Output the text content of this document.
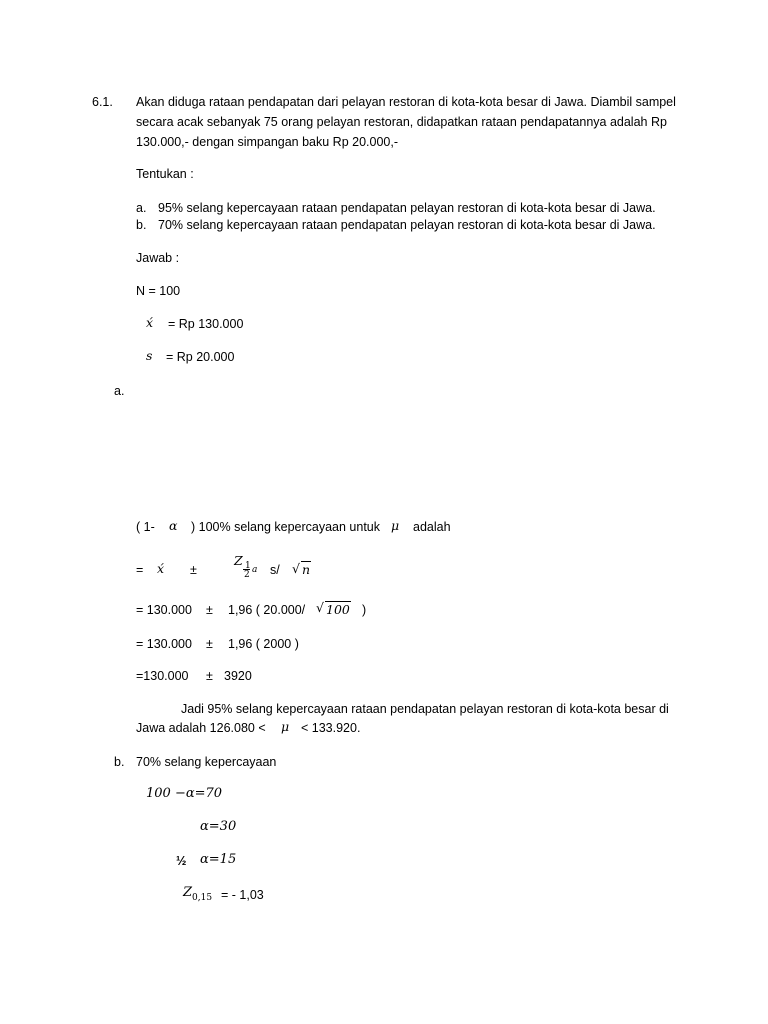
6.1. Akan diduga rataan pendapatan dari pelayan restoran di kota-kota besar di Jawa. Diambil sampel
secara acak sebanyak 75 orang pelayan restoran, didapatkan rataan pendapatannya adalah Rp
130.000,- dengan simpangan baku Rp 20.000,-
Tentukan :
a. 95% selang kepercayaan rataan pendapatan pelayan restoran di kota-kota besar di Jawa.
b. 70% selang kepercayaan rataan pendapatan pelayan restoran di kota-kota besar di Jawa.
Jawab :
N = 100
x́ = Rp 130.000
s = Rp 20.000
a.
( 1- α ) 100% selang kepercayaan untuk μ adalah
= x́ ±
Z 1
2 a s/ √ n
= 130.000 ± 1,96 ( 20.000/ √ 100 )
= 130.000 ± 1,96 ( 2000 )
=130.000 ± 3920
Jadi 95% selang kepercayaan rataan pendapatan pelayan restoran di kota-kota besar di
Jawa adalah 126.080 < μ < 133.920.
b. 70% selang kepercayaan
100 −α=70
α=30
½ α=15
$Z_{0,15}$ = - 1,03
